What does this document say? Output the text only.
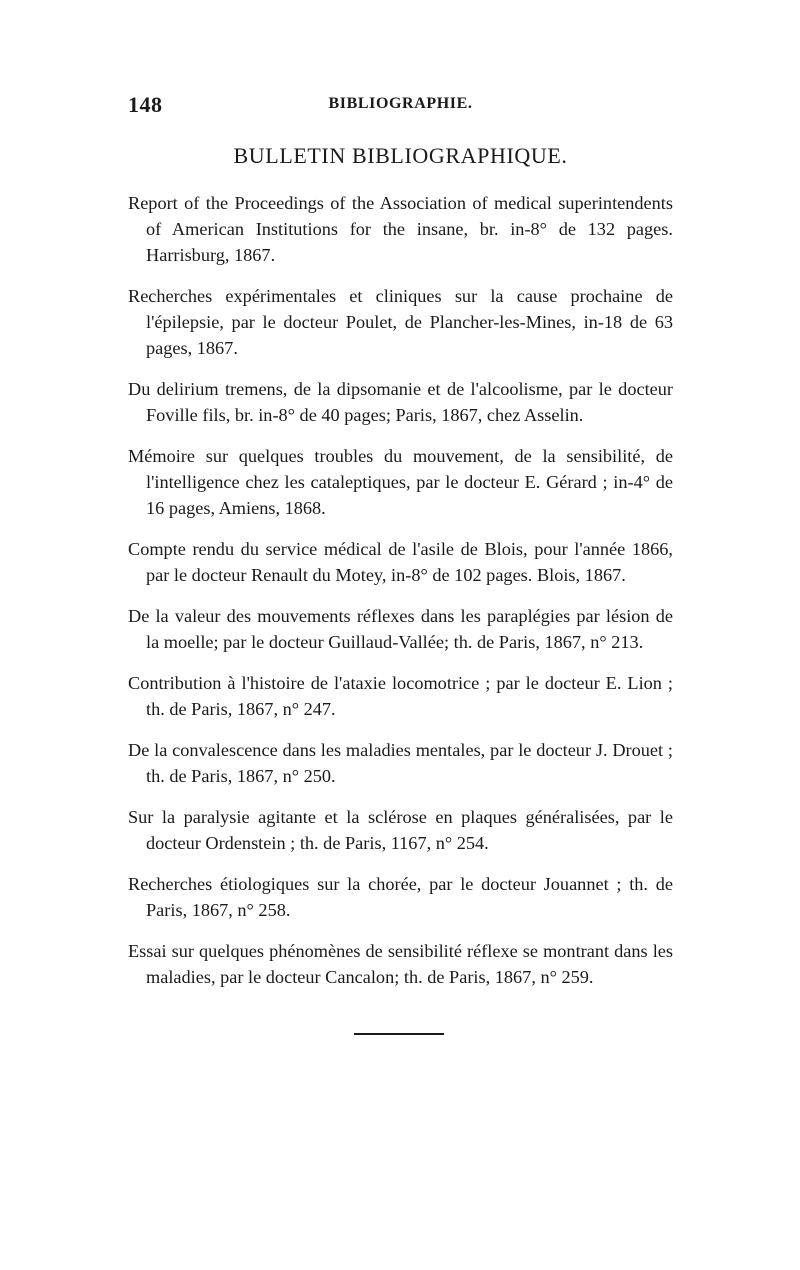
148	BIBLIOGRAPHIE.
BULLETIN BIBLIOGRAPHIQUE.
Report of the Proceedings of the Association of medical superintendents of American Institutions for the insane, br. in-8° de 132 pages. Harrisburg, 1867.
Recherches expérimentales et cliniques sur la cause prochaine de l'épilepsie, par le docteur Poulet, de Plancher-les-Mines, in-18 de 63 pages, 1867.
Du delirium tremens, de la dipsomanie et de l'alcoolisme, par le docteur Foville fils, br. in-8° de 40 pages; Paris, 1867, chez Asselin.
Mémoire sur quelques troubles du mouvement, de la sensibilité, de l'intelligence chez les cataleptiques, par le docteur E. Gérard ; in-4° de 16 pages, Amiens, 1868.
Compte rendu du service médical de l'asile de Blois, pour l'année 1866, par le docteur Renault du Motey, in-8° de 102 pages. Blois, 1867.
De la valeur des mouvements réflexes dans les paraplégies par lésion de la moelle; par le docteur Guillaud-Vallée; th. de Paris, 1867, n° 213.
Contribution à l'histoire de l'ataxie locomotrice ; par le docteur E. Lion ; th. de Paris, 1867, n° 247.
De la convalescence dans les maladies mentales, par le docteur J. Drouet ; th. de Paris, 1867, n° 250.
Sur la paralysie agitante et la sclérose en plaques généralisées, par le docteur Ordenstein ; th. de Paris, 1167, n° 254.
Recherches étiologiques sur la chorée, par le docteur Jouannet ; th. de Paris, 1867, n° 258.
Essai sur quelques phénomènes de sensibilité réflexe se montrant dans les maladies, par le docteur Cancalon; th. de Paris, 1867, n° 259.
